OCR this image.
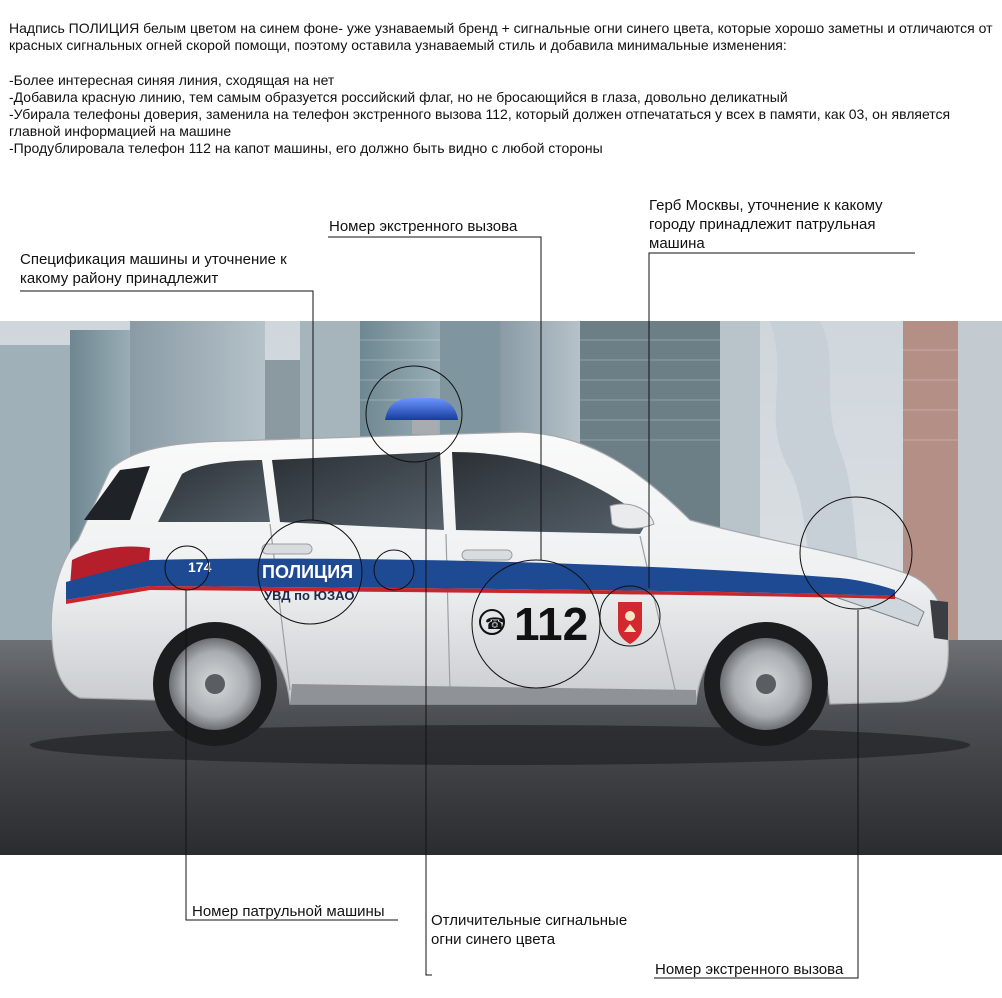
Надпись ПОЛИЦИЯ белым цветом на синем фоне- уже узнаваемый бренд + сигнальные огни синего цвета, которые хорошо заметны и отличаются от красных сигнальных огней скорой помощи, поэтому оставила узнаваемый стиль и добавила минимальные изменения:

-Более интересная синяя линия, сходящая на нет

-Добавила красную линию, тем самым образуется российский флаг, но не бросающийся в глаза, довольно деликатный

-Убирала телефоны доверия, заменила на телефон экстренного вызова 112, который должен отпечататься у всех в памяти, как 03, он является главной информацией на машине

-Продублировала телефон 112 на капот машины, его должно быть видно с любой стороны

Спецификация машины и уточнение к какому району принадлежит
Номер экстренного вызова
Герб Москвы, уточнение к какому городу принадлежит патрульная машина
Номер патрульной машины
Отличительные сигнальные огни синего цвета
Номер экстренного вызова
174	ПОЛИЦИЯ
УВД по ЮЗАО
☎ 112
